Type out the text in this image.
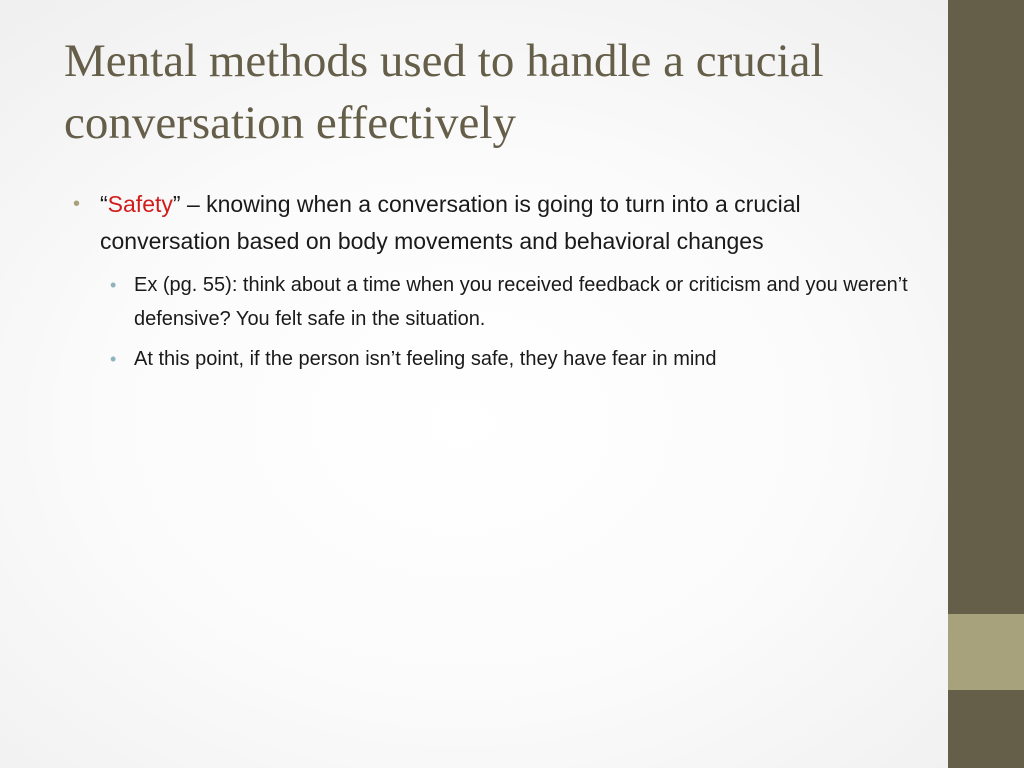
Mental methods used to handle a crucial conversation effectively
• “Safety” – knowing when a conversation is going to turn into a crucial conversation based on body movements and behavioral changes
• Ex (pg. 55): think about a time when you received feedback or criticism and you weren’t defensive? You felt safe in the situation.
• At this point, if the person isn’t feeling safe, they have fear in mind
